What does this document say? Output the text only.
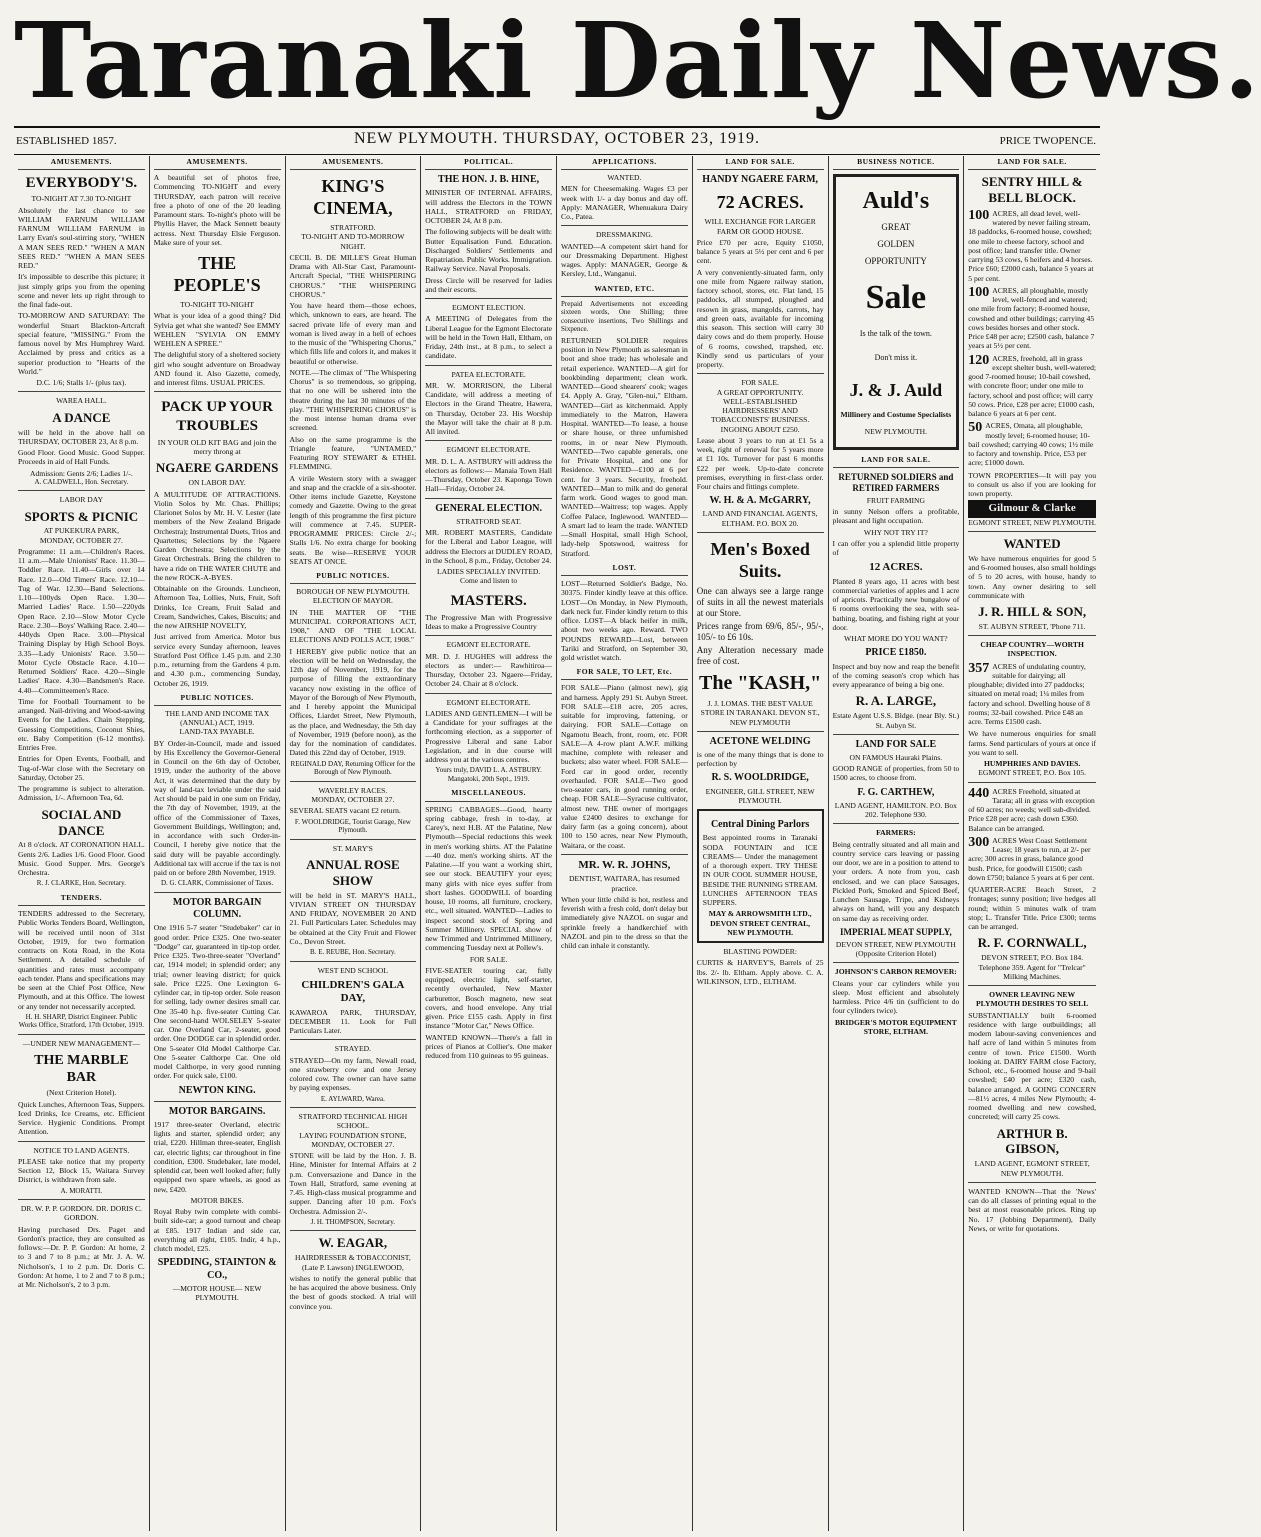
Taranaki Daily News.
ESTABLISHED 1857.	NEW PLYMOUTH. THURSDAY, OCTOBER 23, 1919.	PRICE TWOPENCE.
AMUSEMENTS.
EVERYBODY'S.
TO-NIGHT AT 7.30 TO-NIGHT
Absolutely the last chance to see WILLIAM FARNUM WILLIAM FARNUM WILLIAM FARNUM in Larry Evan's soul-stirring story, "WHEN A MAN SEES RED." "WHEN A MAN SEES RED." "WHEN A MAN SEES RED."
It's impossible to describe this picture; it just simply grips you from the opening scene and never lets up right through to the final fade-out.
TO-MORROW AND SATURDAY: The wonderful Stuart Blackton-Artcraft special feature, "MISSING." From the famous novel by Mrs Humphrey Ward. Acclaimed by press and critics as a superior production to "Hearts of the World."
D.C. 1/6; Stalls 1/- (plus tax).
WAREA HALL.
A DANCE
will be held in the above hall on THURSDAY, OCTOBER 23, At 8 p.m.
Good Floor. Good Music. Good Supper. Proceeds in aid of Hall Funds.
Admission: Gents 2/6; Ladies 1/-.
A. CALDWELL, Hon. Secretary.
LABOR DAY
SPORTS & PICNIC
AT PUKEKURA PARK,
MONDAY, OCTOBER 27.
Programme: 11 a.m.—Children's Races. 11 a.m.—Male Unionists' Race. 11.30—Toddler Race. 11.40—Girls over 14 Race. 12.0—Old Timers' Race. 12.10—Tug of War. 12.30—Band Selections. 1.10—100yds Open Race. 1.30—Married Ladies' Race. 1.50—220yds Open Race. 2.10—Slow Motor Cycle Race. 2.30—Boys' Walking Race. 2.40—440yds Open Race. 3.00—Physical Training Display by High School Boys. 3.35—Lady Unionists' Race. 3.50—Motor Cycle Obstacle Race. 4.10—Returned Soldiers' Race. 4.20—Single Ladies' Race. 4.30—Bandsmen's Race. 4.40—Committeemen's Race.
Time for Football Tournament to be arranged. Nail-driving and Wood-sawing Events for the Ladies. Chain Stepping, Guessing Competitions, Coconut Shies, etc. Baby Competition (6-12 months). Entries Free.
Entries for Open Events, Football, and Tug-of-War close with the Secretary on Saturday, October 25.
The programme is subject to alteration. Admission, 1/-. Afternoon Tea, 6d.
SOCIAL AND DANCE
At 8 o'clock. AT CORONATION HALL. Gents 2/6. Ladies 1/6. Good Floor. Good Music. Good Supper. Mrs. George's Orchestra.
R. J. CLARKE, Hon. Secretary.
TENDERS.
TENDERS addressed to the Secretary, Public Works Tenders Board, Wellington, will be received until noon of 31st October, 1919, for two formation contracts on Kota Road, in the Kota Settlement. A detailed schedule of quantities and rates must accompany each tender. Plans and specifications may be seen at the Chief Post Office, New Plymouth, and at this Office. The lowest or any tender not necessarily accepted.
H. H. SHARP, District Engineer. Public Works Office, Stratford, 17th October, 1919.
—UNDER NEW MANAGEMENT—
THE MARBLE BAR
(Next Criterion Hotel).
Quick Lunches, Afternoon Teas, Suppers. Iced Drinks, Ice Creams, etc. Efficient Service. Hygienic Conditions. Prompt Attention.
NOTICE TO LAND AGENTS.
PLEASE take notice that my property Section 12, Block 15, Waitara Survey District, is withdrawn from sale.
A. MORATTI.
DR. W. P. P. GORDON. DR. DORIS C. GORDON.
Having purchased Drs. Paget and Gordon's practice, they are consulted as follows:—Dr. P. P. Gordon: At home, 2 to 3 and 7 to 8 p.m.; at Mr. J. A. W. Nicholson's, 1 to 2 p.m. Dr. Doris C. Gordon: At home, 1 to 2 and 7 to 8 p.m.; at Mr. Nicholson's, 2 to 3 p.m.
AMUSEMENTS.
A beautiful set of photos free, Commencing TO-NIGHT and every THURSDAY, each patron will receive free a photo of one of the 20 leading Paramount stars. To-night's photo will be Phyllis Haver, the Mack Sennett beauty actress. Next Thursday Elsie Ferguson. Make sure of your set.
THE PEOPLE'S
TO-NIGHT TO-NIGHT
What is your idea of a good thing? Did Sylvia get what she wanted? See EMMY WEHLEN "SYLVIA ON EMMY WEHLEN A SPREE."
The delightful story of a sheltered society girl who sought adventure on Broadway AND found it. Also Gazette, comedy, and interest films. USUAL PRICES.
PACK UP YOUR TROUBLES
IN YOUR OLD KIT BAG and join the merry throng at
NGAERE GARDENS
ON LABOR DAY.
A MULTITUDE OF ATTRACTIONS. Violin Solos by Mr. Chas. Phillips; Clarionet Solos by Mr. H. V. Lester (late members of the New Zealand Brigade Orchestra); Instrumental Duets, Trios and Quartettes; Selections by the Ngaere Garden Orchestra; Selections by the Great Orchestrals. Bring the children to have a ride on THE WATER CHUTE and the new ROCK-A-BYES.
Obtainable on the Grounds. Luncheon, Afternoon Tea, Lollies, Nuts, Fruit, Soft Drinks, Ice Cream, Fruit Salad and Cream, Sandwiches, Cakes, Biscuits; and the new AIRSHIP NOVELTY,
Just arrived from America. Motor bus service every Sunday afternoon, leaves Stratford Post Office 1.45 p.m. and 2.30 p.m., returning from the Gardens 4 p.m. and 4.30 p.m., commencing Sunday, October 26, 1919.
PUBLIC NOTICES.
THE LAND AND INCOME TAX (ANNUAL) ACT, 1919.
LAND-TAX PAYABLE.
BY Order-in-Council, made and issued by His Excellency the Governor-General in Council on the 6th day of October, 1919, under the authority of the above Act, it was determined that the duty by way of land-tax leviable under the said Act should be paid in one sum on Friday, the 7th day of November, 1919, at the office of the Commissioner of Taxes, Government Buildings, Wellington; and, in accordance with such Order-in-Council, I hereby give notice that the said duty will be payable accordingly. Additional tax will accrue if the tax is not paid on or before 28th November, 1919.
D. G. CLARK, Commissioner of Taxes.
MOTOR BARGAIN COLUMN.
One 1916 5-7 seater "Studebaker" car in good order. Price £325. One two-seater "Dodge" car, guaranteed in tip-top order. Price £325. Two-three-seater "Overland" car, 1914 model; in splendid order; any trial; owner leaving district; for quick sale. Price £225. One Lexington 6-cylinder car, in tip-top order. Sole reason for selling, lady owner desires small car. One 35-40 h.p. five-seater Cutting Car. One second-hand WOLSELEY 5-seater car. One Overland Car, 2-seater, good order. One DODGE car in splendid order. One 5-seater Old Model Calthorpe Car. One 5-seater Calthorpe Car. One old model Calthorpe, in very good running order. For quick sale, £100.
NEWTON KING.
MOTOR BARGAINS.
1917 three-seater Overland, electric lights and starter, splendid order; any trial, £220. Hillman three-seater, English car, electric lights; car throughout in fine condition, £300. Studebaker, late model, splendid car, been well looked after; fully equipped two spare wheels, as good as new, £420.
MOTOR BIKES.
Royal Ruby twin complete with combi-built side-car; a good turnout and cheap at £85. 1917 Indian and side car, everything all right, £105. Indir, 4 h.p., clutch model, £25.
SPEDDING, STAINTON & CO.,
—MOTOR HOUSE— NEW PLYMOUTH.
AMUSEMENTS.
KING'S CINEMA,
STRATFORD.
TO-NIGHT AND TO-MORROW NIGHT.
CECIL B. DE MILLE'S Great Human Drama with All-Star Cast, Paramount-Artcraft Special, "THE WHISPERING CHORUS." "THE WHISPERING CHORUS."
You have heard them—those echoes, which, unknown to ears, are heard. The sacred private life of every man and woman is lived away in a hell of echoes to the music of the "Whispering Chorus," which fills life and colors it, and makes it beautiful or otherwise.
NOTE.—The climax of "The Whispering Chorus" is so tremendous, so gripping, that no one will be ushered into the theatre during the last 30 minutes of the play. "THE WHISPERING CHORUS" is the most intense human drama ever screened.
Also on the same programme is the Triangle feature, "UNTAMED," Featuring ROY STEWART & ETHEL FLEMMING.
A virile Western story with a swagger and snap and the crackle of a six-shooter. Other items include Gazette, Keystone comedy and Gazette. Owing to the great length of this programme the first picture will commence at 7.45. SUPER-PROGRAMME PRICES: Circle 2/-; Stalls 1/6. No extra charge for booking seats. Be wise—RESERVE YOUR SEATS AT ONCE.
PUBLIC NOTICES.
BOROUGH OF NEW PLYMOUTH.
ELECTION OF MAYOR.
IN THE MATTER OF "THE MUNICIPAL CORPORATIONS ACT, 1908," AND OF "THE LOCAL ELECTIONS AND POLLS ACT, 1908."
I HEREBY give public notice that an election will be held on Wednesday, the 12th day of November, 1919, for the purpose of filling the extraordinary vacancy now existing in the office of Mayor of the Borough of New Plymouth, and I hereby appoint the Municipal Offices, Liardet Street, New Plymouth, as the place, and Wednesday, the 5th day of November, 1919 (before noon), as the day for the nomination of candidates. Dated this 22nd day of October, 1919.
REGINALD DAY, Returning Officer for the Borough of New Plymouth.
WAVERLEY RACES.
MONDAY, OCTOBER 27.
SEVERAL SEATS vacant £2 return.
F. WOOLDRIDGE, Tourist Garage, New Plymouth.
ST. MARY'S
ANNUAL ROSE SHOW
will be held in ST. MARY'S HALL, VIVIAN STREET ON THURSDAY AND FRIDAY, NOVEMBER 20 AND 21. Full Particulars Later. Schedules may be obtained at the City Fruit and Flower Co., Devon Street.
B. E. REUBE, Hon. Secretary.
WEST END SCHOOL
CHILDREN'S GALA DAY,
KAWAROA PARK, THURSDAY, DECEMBER 11. Look for Full Particulars Later.
STRAYED.
STRAYED—On my farm, Newall road, one strawberry cow and one Jersey colored cow. The owner can have same by paying expenses.
E. AYLWARD, Warea.
STRATFORD TECHNICAL HIGH SCHOOL.
LAYING FOUNDATION STONE, MONDAY, OCTOBER 27.
STONE will be laid by the Hon. J. B. Hine, Minister for Internal Affairs at 2 p.m. Conversazione and Dance in the Town Hall, Stratford, same evening at 7.45. High-class musical programme and supper. Dancing after 10 p.m. Fox's Orchestra. Admission 2/-.
J. H. THOMPSON, Secretary.
W. EAGAR,
HAIRDRESSER & TOBACCONIST, (Late P. Lawson) INGLEWOOD,
wishes to notify the general public that he has acquired the above business. Only the best of goods stocked. A trial will convince you.
POLITICAL.
THE HON. J. B. HINE,
MINISTER OF INTERNAL AFFAIRS, will address the Electors in the TOWN HALL, STRATFORD on FRIDAY, OCTOBER 24, At 8 p.m.
The following subjects will be dealt with: Butter Equalisation Fund. Education. Discharged Soldiers' Settlements and Repatriation. Public Works. Immigration. Railway Service. Naval Proposals.
Dress Circle will be reserved for ladies and their escorts.
EGMONT ELECTION.
A MEETING of Delegates from the Liberal League for the Egmont Electorate will be held in the Town Hall, Eltham, on Friday, 24th inst., at 8 p.m., to select a candidate.
PATEA ELECTORATE.
MR. W. MORRISON, the Liberal Candidate, will address a meeting of Electors in the Grand Theatre, Hawera, on Thursday, October 23. His Worship the Mayor will take the chair at 8 p.m. All invited.
EGMONT ELECTORATE.
MR. D. L. A. ASTBURY will address the electors as follows:— Manaia Town Hall—Thursday, October 23. Kaponga Town Hall—Friday, October 24.
GENERAL ELECTION.
STRATFORD SEAT.
MR. ROBERT MASTERS, Candidate for the Liberal and Labor League, will address the Electors at DUDLEY ROAD, in the School, 8 p.m., Friday, October 24.
LADIES SPECIALLY INVITED.
Come and listen to
MASTERS.
The Progressive Man with Progressive Ideas to make a Progressive Country
EGMONT ELECTORATE.
MR. D. J. HUGHES will address the electors as under:— Rawhitiroa—Thursday, October 23. Ngaere—Friday, October 24. Chair at 8 o'clock.
EGMONT ELECTORATE.
LADIES AND GENTLEMEN—I will be a Candidate for your suffrages at the forthcoming election, as a supporter of Progressive Liberal and sane Labor Legislation, and in due course will address you at the various centres.
Yours truly, DAVID L. A. ASTBURY. Mangatoki, 20th Sept., 1919.
MISCELLANEOUS.
SPRING CABBAGES—Good, hearty spring cabbage, fresh in to-day, at Carey's, next H.B. AT the Palatine, New Plymouth—Special reductions this week in men's working shirts. AT the Palatine—40 doz. men's working shirts. AT the Palatine.—If you want a working shirt, see our stock. BEAUTIFY your eyes; many girls with nice eyes suffer from short lashes. GOODWILL of boarding house, 10 rooms, all furniture, crockery, etc., well situated. WANTED—Ladies to inspect second stock of Spring and Summer Millinery. SPECIAL show of new Trimmed and Untrimmed Millinery, commencing Tuesday next at Pollew's.
FOR SALE.
FIVE-SEATER touring car, fully equipped, electric light, self-starter, recently overhauled, New Maxter carburettor, Bosch magneto, new seat covers, and hood envelope. Any trial given. Price £155 cash. Apply in first instance "Motor Car," News Office.
WANTED KNOWN—There's a fall in prices of Pianos at Collier's. One maker reduced from 110 guineas to 95 guineas.
APPLICATIONS.
WANTED.
MEN for Cheesemaking. Wages £3 per week with 1/- a day bonus and day off. Apply: MANAGER, Whenuakura Dairy Co., Patea.
DRESSMAKING.
WANTED—A competent skirt hand for our Dressmaking Department. Highest wages. Apply: MANAGER, George & Kersley, Ltd., Wanganui.
WANTED, ETC.
Prepaid Advertisements not exceeding sixteen words, One Shilling; three consecutive insertions, Two Shillings and Sixpence.
RETURNED SOLDIER requires position in New Plymouth as salesman in boot and shoe trade; has wholesale and retail experience. WANTED—A girl for bookbinding department; clean work. WANTED—Good shearers' cook; wages £4. Apply A. Gray, "Glen-nui," Eltham. WANTED—Girl as kitchenmaid. Apply immediately to the Matron, Hawera Hospital. WANTED—To lease, a house or share house, or three unfurnished rooms, in or near New Plymouth. WANTED—Two capable generals, one for Private Hospital, and one for Residence. WANTED—£100 at 6 per cent. for 3 years. Security, freehold. WANTED—Man to milk and do general farm work. Good wages to good man. WANTED—Waitress; top wages. Apply Coffee Palace, Inglewood. WANTED—A smart lad to learn the trade. WANTED—Small Hospital, small High School, lady-help Spotswood, waitress for Stratford.
LOST.
LOST—Returned Soldier's Badge, No. 30375. Finder kindly leave at this office. LOST—On Monday, in New Plymouth, dark neck fur. Finder kindly return to this office. LOST—A black heifer in milk, about two weeks ago. Reward. TWO POUNDS REWARD—Lost, between Tariki and Stratford, on September 30, gold wristlet watch.
FOR SALE, TO LET, Etc.
FOR SALE—Piano (almost new), gig and harness. Apply 291 St. Aubyn Street. FOR SALE—£18 acre, 205 acres, suitable for improving, fattening, or dairying. FOR SALE—Cottage on Ngamotu Beach, front, room, etc. FOR SALE—A 4-row plant A.W.F. milking machine, complete with releaser and buckets; also water wheel. FOR SALE—Ford car in good order, recently overhauled. FOR SALE—Two good two-seater cars, in good running order, cheap. FOR SALE—Syracuse cultivator, almost new. THE owner of mortgages value £2400 desires to exchange for dairy farm (as a going concern), about 100 to 150 acres, near New Plymouth, Waitara, or the coast.
MR. W. R. JOHNS,
DENTIST, WAITARA, has resumed practice.
When your little child is hot, restless and feverish with a fresh cold, don't delay but immediately give NAZOL on sugar and sprinkle freely a handkerchief with NAZOL and pin to the dress so that the child can inhale it constantly.
LAND FOR SALE.
HANDY NGAERE FARM,
72 ACRES.
WILL EXCHANGE FOR LARGER FARM OR GOOD HOUSE.
Price £70 per acre, Equity £1050, balance 5 years at 5½ per cent and 6 per cent.
A very conveniently-situated farm, only one mile from Ngaere railway station, factory school, stores, etc. Flat land, 15 paddocks, all stumped, ploughed and resown in grass, mangolds, carrots, hay and green oats, available for incoming this season. This section will carry 30 dairy cows and do them properly. House of 6 rooms, cowshed, trapshed, etc. Kindly send us particulars of your property.
FOR SALE.
A GREAT OPPORTUNITY.
WELL-ESTABLISHED HAIRDRESSERS' AND TOBACCONISTS' BUSINESS. INGOING ABOUT £250.
Lease about 3 years to run at £1 5s a week, right of renewal for 5 years more at £1 10s. Turnover for past 6 months £22 per week. Up-to-date concrete premises, everything in first-class order. Four chairs and fittings complete.
W. H. & A. McGARRY,
LAND AND FINANCIAL AGENTS, ELTHAM. P.O. BOX 20.
Men's Boxed Suits.
One can always see a large range of suits in all the newest materials at our Store.
Prices range from 69/6, 85/-, 95/-, 105/- to £6 10s.
Any Alteration necessary made free of cost.
The "KASH,"
J. J. LOMAS. THE BEST VALUE STORE IN TARANAKI. DEVON ST., NEW PLYMOUTH
ACETONE WELDING
is one of the many things that is done to perfection by
R. S. WOOLDRIDGE,
ENGINEER, GILL STREET, NEW PLYMOUTH.
Central Dining Parlors
Best appointed rooms in Taranaki SODA FOUNTAIN and ICE CREAMS— Under the management of a thorough expert. TRY THESE IN OUR COOL SUMMER HOUSE, BESIDE THE RUNNING STREAM. LUNCHES AFTERNOON TEAS SUPPERS.
MAY & ARROWSMITH LTD., DEVON STREET CENTRAL, NEW PLYMOUTH.
BLASTING POWDER:
CURTIS & HARVEY'S, Barrels of 25 lbs. 2/- lb. Eltham. Apply above. C. A. WILKINSON, LTD., ELTHAM.
BUSINESS NOTICE.
Auld's
GREAT
GOLDEN
OPPORTUNITY
Sale
Is the talk of the town.
Don't miss it.
J. & J. Auld
Millinery and Costume Specialists
NEW PLYMOUTH.
LAND FOR SALE.
RETURNED SOLDIERS and RETIRED FARMERS
FRUIT FARMING
in sunny Nelson offers a profitable, pleasant and light occupation.
WHY NOT TRY IT?
I can offer you a splendid little property of
12 ACRES.
Planted 8 years ago, 11 acres with best commercial varieties of apples and 1 acre of apricots. Practically new bungalow of 6 rooms overlooking the sea, with sea-bathing, boating, and fishing right at your door.
WHAT MORE DO YOU WANT?
PRICE £1850.
Inspect and buy now and reap the benefit of the coming season's crop which has every appearance of being a big one.
R. A. LARGE,
Estate Agent U.S.S. Bldge. (near Bly. St.) St. Aubyn St.
LAND FOR SALE
ON FAMOUS Hauraki Plains.
GOOD RANGE of properties, from 50 to 1500 acres, to choose from.
F. G. CARTHEW,
LAND AGENT, HAMILTON. P.O. Box 202. Telephone 930.
FARMERS:
Being centrally situated and all main and country service cars leaving or passing our door, we are in a position to attend to your orders. A note from you, cash enclosed, and we can place Sausages, Pickled Pork, Smoked and Spiced Beef, Lunchen Sausage, Tripe, and Kidneys always on hand, will you any despatch on same day as receiving order.
IMPERIAL MEAT SUPPLY,
DEVON STREET, NEW PLYMOUTH (Opposite Criterion Hotel)
JOHNSON'S CARBON REMOVER:
Cleans your car cylinders while you sleep. Most efficient and absolutely harmless. Price 4/6 tin (sufficient to do four cylinders twice).
BRIDGER'S MOTOR EQUIPMENT STORE, ELTHAM.
LAND FOR SALE.
SENTRY HILL & BELL BLOCK.
100 ACRES, all dead level, well-watered by never failing stream, 18 paddocks, 6-roomed house, cowshed; one mile to cheese factory, school and post office; land transfer title. Owner carrying 53 cows, 6 heifers and 4 horses. Price £60; £2000 cash, balance 5 years at 5 per cent.
100 ACRES, all ploughable, mostly level, well-fenced and watered; one mile from factory; 8-roomed house, cowshed and other buildings; carrying 45 cows besides horses and other stock. Price £48 per acre; £2500 cash, balance 7 years at 5½ per cent.
120 ACRES, freehold, all in grass except shelter bush, well-watered; good 7-roomed house; 10-bail cowshed, with concrete floor; under one mile to factory, school and post office; will carry 50 cows. Price, £28 per acre; £1000 cash, balance 6 years at 6 per cent.
50 ACRES, Omata, all ploughable, mostly level; 6-roomed house; 10-bail cowshed; carrying 40 cows; 1½ mile to factory and township. Price, £53 per acre; £1000 down.
TOWN PROPERTIES—It will pay you to consult us also if you are looking for town property.
Gilmour & Clarke
EGMONT STREET, NEW PLYMOUTH.
WANTED
We have numerous enquiries for good 5 and 6-roomed houses, also small holdings of 5 to 20 acres, with house, handy to town. Any owner desiring to sell communicate with
J. R. HILL & SON,
ST. AUBYN STREET, 'Phone 711.
CHEAP COUNTRY—WORTH INSPECTION.
357 ACRES of undulating country, suitable for dairying; all ploughable; divided into 27 paddocks; situated on metal road; 1¼ miles from factory and school. Dwelling house of 8 rooms; 32-bail cowshed. Price £48 an acre. Terms £1500 cash.
We have numerous enquiries for small farms. Send particulars of yours at once if you want to sell.
HUMPHRIES AND DAVIES.
EGMONT STREET, P.O. Box 105.
440 ACRES Freehold, situated at Tarata; all in grass with exception of 60 acres; no weeds; well sub-divided. Price £28 per acre; cash down £360. Balance can be arranged.
300 ACRES West Coast Settlement Lease; 18 years to run, at 2/- per acre; 300 acres in grass, balance good bush. Price, for goodwill £1500; cash down £750; balance 5 years at 6 per cent.
QUARTER-ACRE Beach Street, 2 frontages; sunny position; live hedges all round; within 5 minutes walk of tram stop; L. Transfer Title. Price £300; terms can be arranged.
R. F. CORNWALL,
DEVON STREET, P.O. Box 184. Telephone 359. Agent for "Trelcar" Milking Machines.
OWNER LEAVING NEW PLYMOUTH DESIRES TO SELL
SUBSTANTIALLY built 6-roomed residence with large outbuildings; all modern labour-saving conveniences and half acre of land within 5 minutes from centre of town. Price £1500. Worth looking at. DAIRY FARM close Factory, School, etc., 6-roomed house and 9-bail cowshed; £40 per acre; £320 cash, balance arranged. A GOING CONCERN—81½ acres, 4 miles New Plymouth; 4-roomed dwelling and new cowshed, concreted; will carry 25 cows.
ARTHUR B. GIBSON,
LAND AGENT, EGMONT STREET, NEW PLYMOUTH.
WANTED KNOWN—That the 'News' can do all classes of printing equal to the best at most reasonable prices. Ring up No. 17 (Jobbing Department), Daily News, or write for quotations.
